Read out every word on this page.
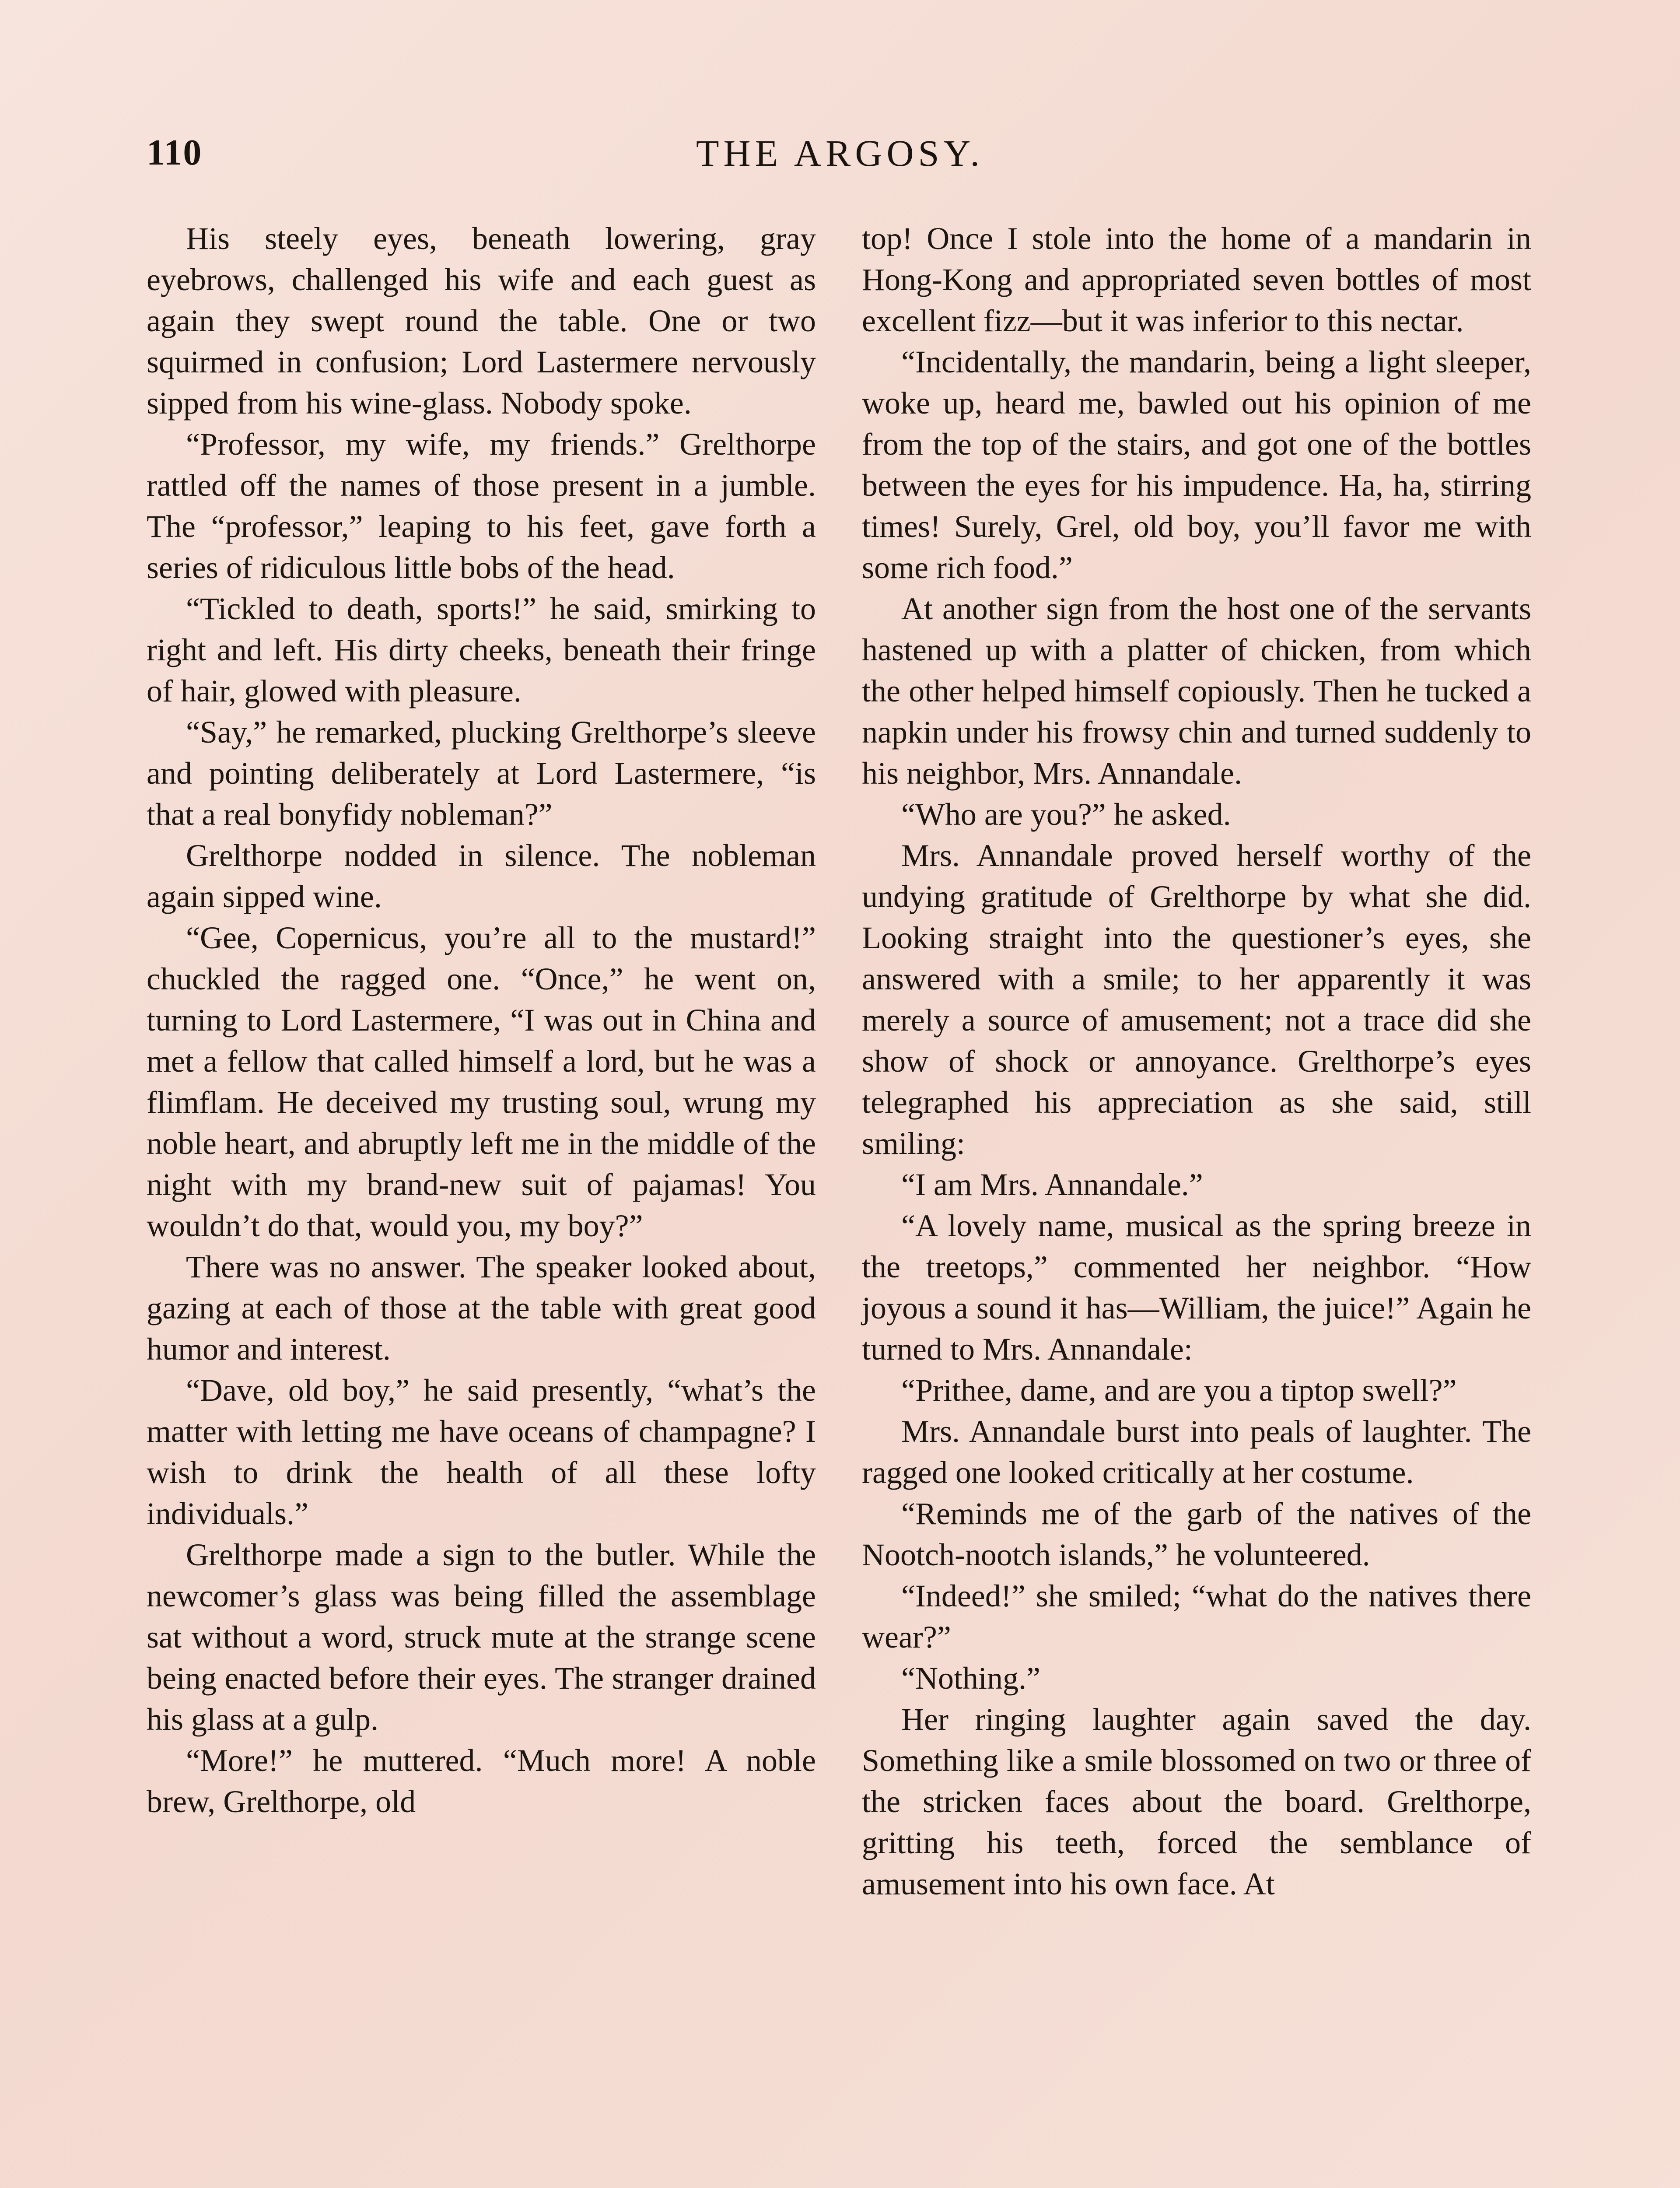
110	THE ARGOSY.

His steely eyes, beneath lowering, gray eyebrows, challenged his wife and each guest as again they swept round the table. One or two squirmed in confusion; Lord Lastermere nervously sipped from his wine-glass. Nobody spoke.

“Professor, my wife, my friends.” Grelthorpe rattled off the names of those present in a jumble. The “professor,” leaping to his feet, gave forth a series of ridiculous little bobs of the head.

“Tickled to death, sports!” he said, smirking to right and left. His dirty cheeks, beneath their fringe of hair, glowed with pleasure.

“Say,” he remarked, plucking Grelthorpe’s sleeve and pointing deliberately at Lord Lastermere, “is that a real bonyfidy nobleman?”

Grelthorpe nodded in silence. The nobleman again sipped wine.

“Gee, Copernicus, you’re all to the mustard!” chuckled the ragged one. “Once,” he went on, turning to Lord Lastermere, “I was out in China and met a fellow that called himself a lord, but he was a flimflam. He deceived my trusting soul, wrung my noble heart, and abruptly left me in the middle of the night with my brand-new suit of pajamas! You wouldn’t do that, would you, my boy?”

There was no answer. The speaker looked about, gazing at each of those at the table with great good humor and interest.

“Dave, old boy,” he said presently, “what’s the matter with letting me have oceans of champagne? I wish to drink the health of all these lofty individuals.”

Grelthorpe made a sign to the butler. While the newcomer’s glass was being filled the assemblage sat without a word, struck mute at the strange scene being enacted before their eyes. The stranger drained his glass at a gulp.

“More!” he muttered. “Much more! A noble brew, Grelthorpe, old

top! Once I stole into the home of a mandarin in Hong-Kong and appropriated seven bottles of most excellent fizz—but it was inferior to this nectar.

“Incidentally, the mandarin, being a light sleeper, woke up, heard me, bawled out his opinion of me from the top of the stairs, and got one of the bottles between the eyes for his impudence. Ha, ha, stirring times! Surely, Grel, old boy, you’ll favor me with some rich food.”

At another sign from the host one of the servants hastened up with a platter of chicken, from which the other helped himself copiously. Then he tucked a napkin under his frowsy chin and turned suddenly to his neighbor, Mrs. Annandale.

“Who are you?” he asked.

Mrs. Annandale proved herself worthy of the undying gratitude of Grelthorpe by what she did. Looking straight into the questioner’s eyes, she answered with a smile; to her apparently it was merely a source of amusement; not a trace did she show of shock or annoyance. Grelthorpe’s eyes telegraphed his appreciation as she said, still smiling:

“I am Mrs. Annandale.”

“A lovely name, musical as the spring breeze in the treetops,” commented her neighbor. “How joyous a sound it has—William, the juice!” Again he turned to Mrs. Annandale:

“Prithee, dame, and are you a tiptop swell?”

Mrs. Annandale burst into peals of laughter. The ragged one looked critically at her costume.

“Reminds me of the garb of the natives of the Nootch-nootch islands,” he volunteered.

“Indeed!” she smiled; “what do the natives there wear?”

“Nothing.”

Her ringing laughter again saved the day. Something like a smile blossomed on two or three of the stricken faces about the board. Grelthorpe, gritting his teeth, forced the semblance of amusement into his own face. At
